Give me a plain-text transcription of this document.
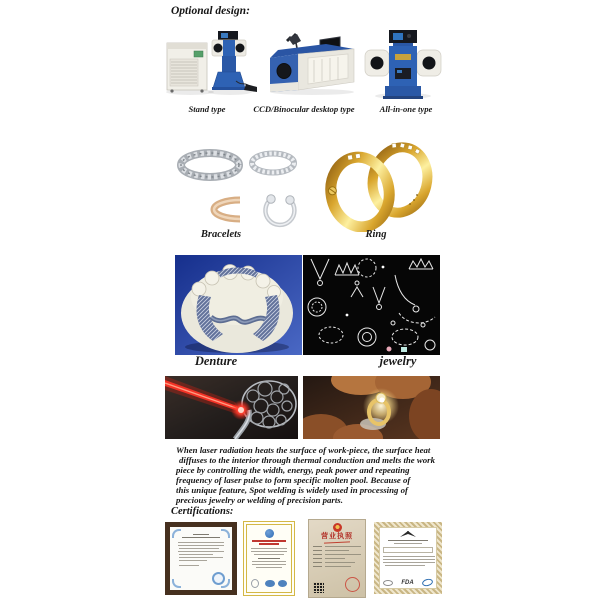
Optional design:
Stand type	CCD/Binocular desktop type	All-in-one type
Bracelets	Ring
Denture	jewelry
When laser radiation heats the surface of work-piece, the surface heat
diffuses to the interior through thermal conduction and melts the work
piece by controlling the width, energy, peak power and repeating
frequency of laser pulse to form specific molten pool. Because of
this unique feature, Spot welding is widely used in processing of
precious jewelry or welding of precision parts.
Certifications:
营业执照
FDA
